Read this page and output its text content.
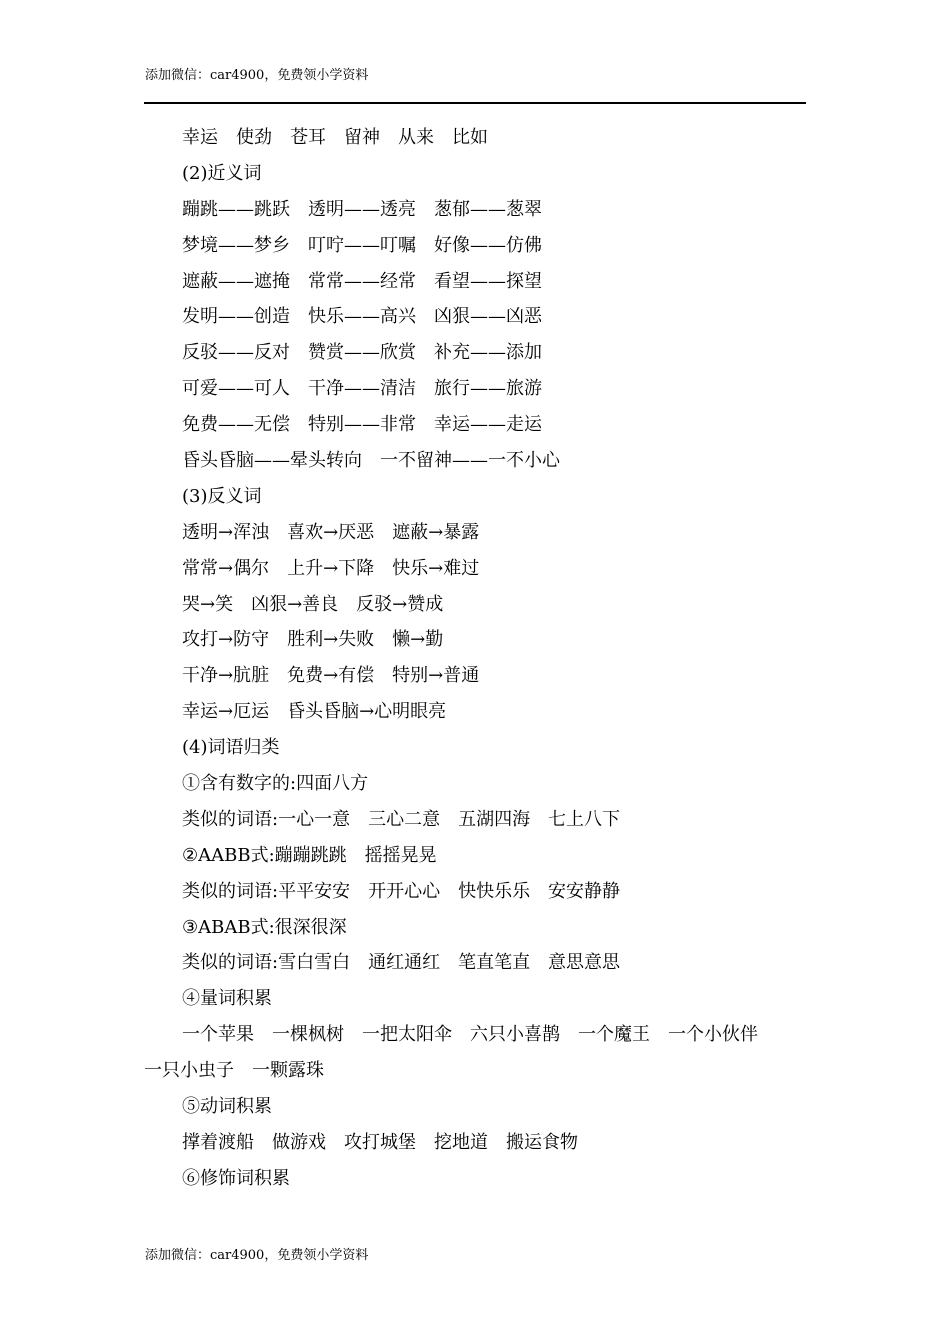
添加微信：car4900，免费领小学资料
幸运　使劲　苍耳　留神　从来　比如
(2)近义词
蹦跳——跳跃　透明——透亮　葱郁——葱翠
梦境——梦乡　叮咛——叮嘱　好像——仿佛
遮蔽——遮掩　常常——经常　看望——探望
发明——创造　快乐——高兴　凶狠——凶恶
反驳——反对　赞赏——欣赏　补充——添加
可爱——可人　干净——清洁　旅行——旅游
免费——无偿　特别——非常　幸运——走运
昏头昏脑——晕头转向　一不留神——一不小心
(3)反义词
透明→浑浊　喜欢→厌恶　遮蔽→暴露
常常→偶尔　上升→下降　快乐→难过
哭→笑　凶狠→善良　反驳→赞成
攻打→防守　胜利→失败　懒→勤
干净→肮脏　免费→有偿　特别→普通
幸运→厄运　昏头昏脑→心明眼亮
(4)词语归类
①含有数字的:四面八方
类似的词语:一心一意　三心二意　五湖四海　七上八下
②AABB式:蹦蹦跳跳　摇摇晃晃
类似的词语:平平安安　开开心心　快快乐乐　安安静静
③ABAB式:很深很深
类似的词语:雪白雪白　通红通红　笔直笔直　意思意思
④量词积累
一个苹果　一棵枫树　一把太阳伞　六只小喜鹊　一个魔王　一个小伙伴
一只小虫子　一颗露珠
⑤动词积累
撑着渡船　做游戏　攻打城堡　挖地道　搬运食物
⑥修饰词积累
添加微信：car4900，免费领小学资料
